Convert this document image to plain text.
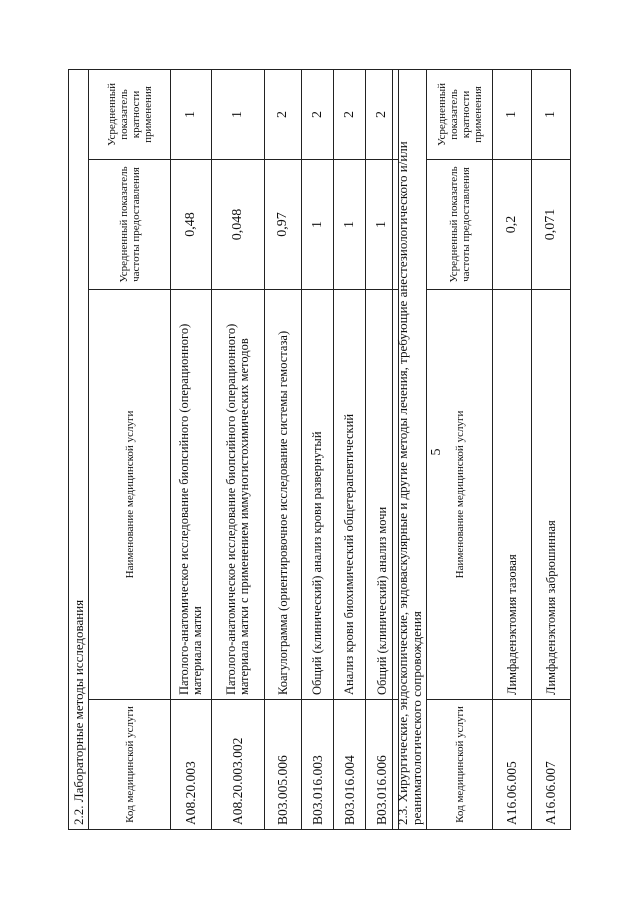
5
2.2. Лабораторные методы исследования			
Код медицинской услуги	Наименование медицинской услуги	Усредненный показатель частоты предоставления	Усредненный показатель кратности применения
A08.20.003	Патолого-анатомическое исследование биопсийного (операционного) материала матки	0,48	1
A08.20.003.002	Патолого-анатомическое исследование биопсийного (операционного) материала матки с применением иммуногистохимических методов	0,048	1
B03.005.006	Коагулограмма (ориентировочное исследование системы гемостаза)	0,97	2
B03.016.003	Общий (клинический) анализ крови развернутый	1	2
B03.016.004	Анализ крови биохимический общетерапевтический	1	2
B03.016.006	Общий (клинический) анализ мочи	1	2
2.3. Хирургические, эндоскопические, эндоваскулярные и другие методы лечения, требующие анестезиологического и/или реаниматологического сопровождения			
Код медицинской услуги	Наименование медицинской услуги	Усредненный показатель частоты предоставления	Усредненный показатель кратности применения
A16.06.005	Лимфаденэктомия тазовая	0,2	1
A16.06.007	Лимфаденэктомия забрюшинная	0,071	1
